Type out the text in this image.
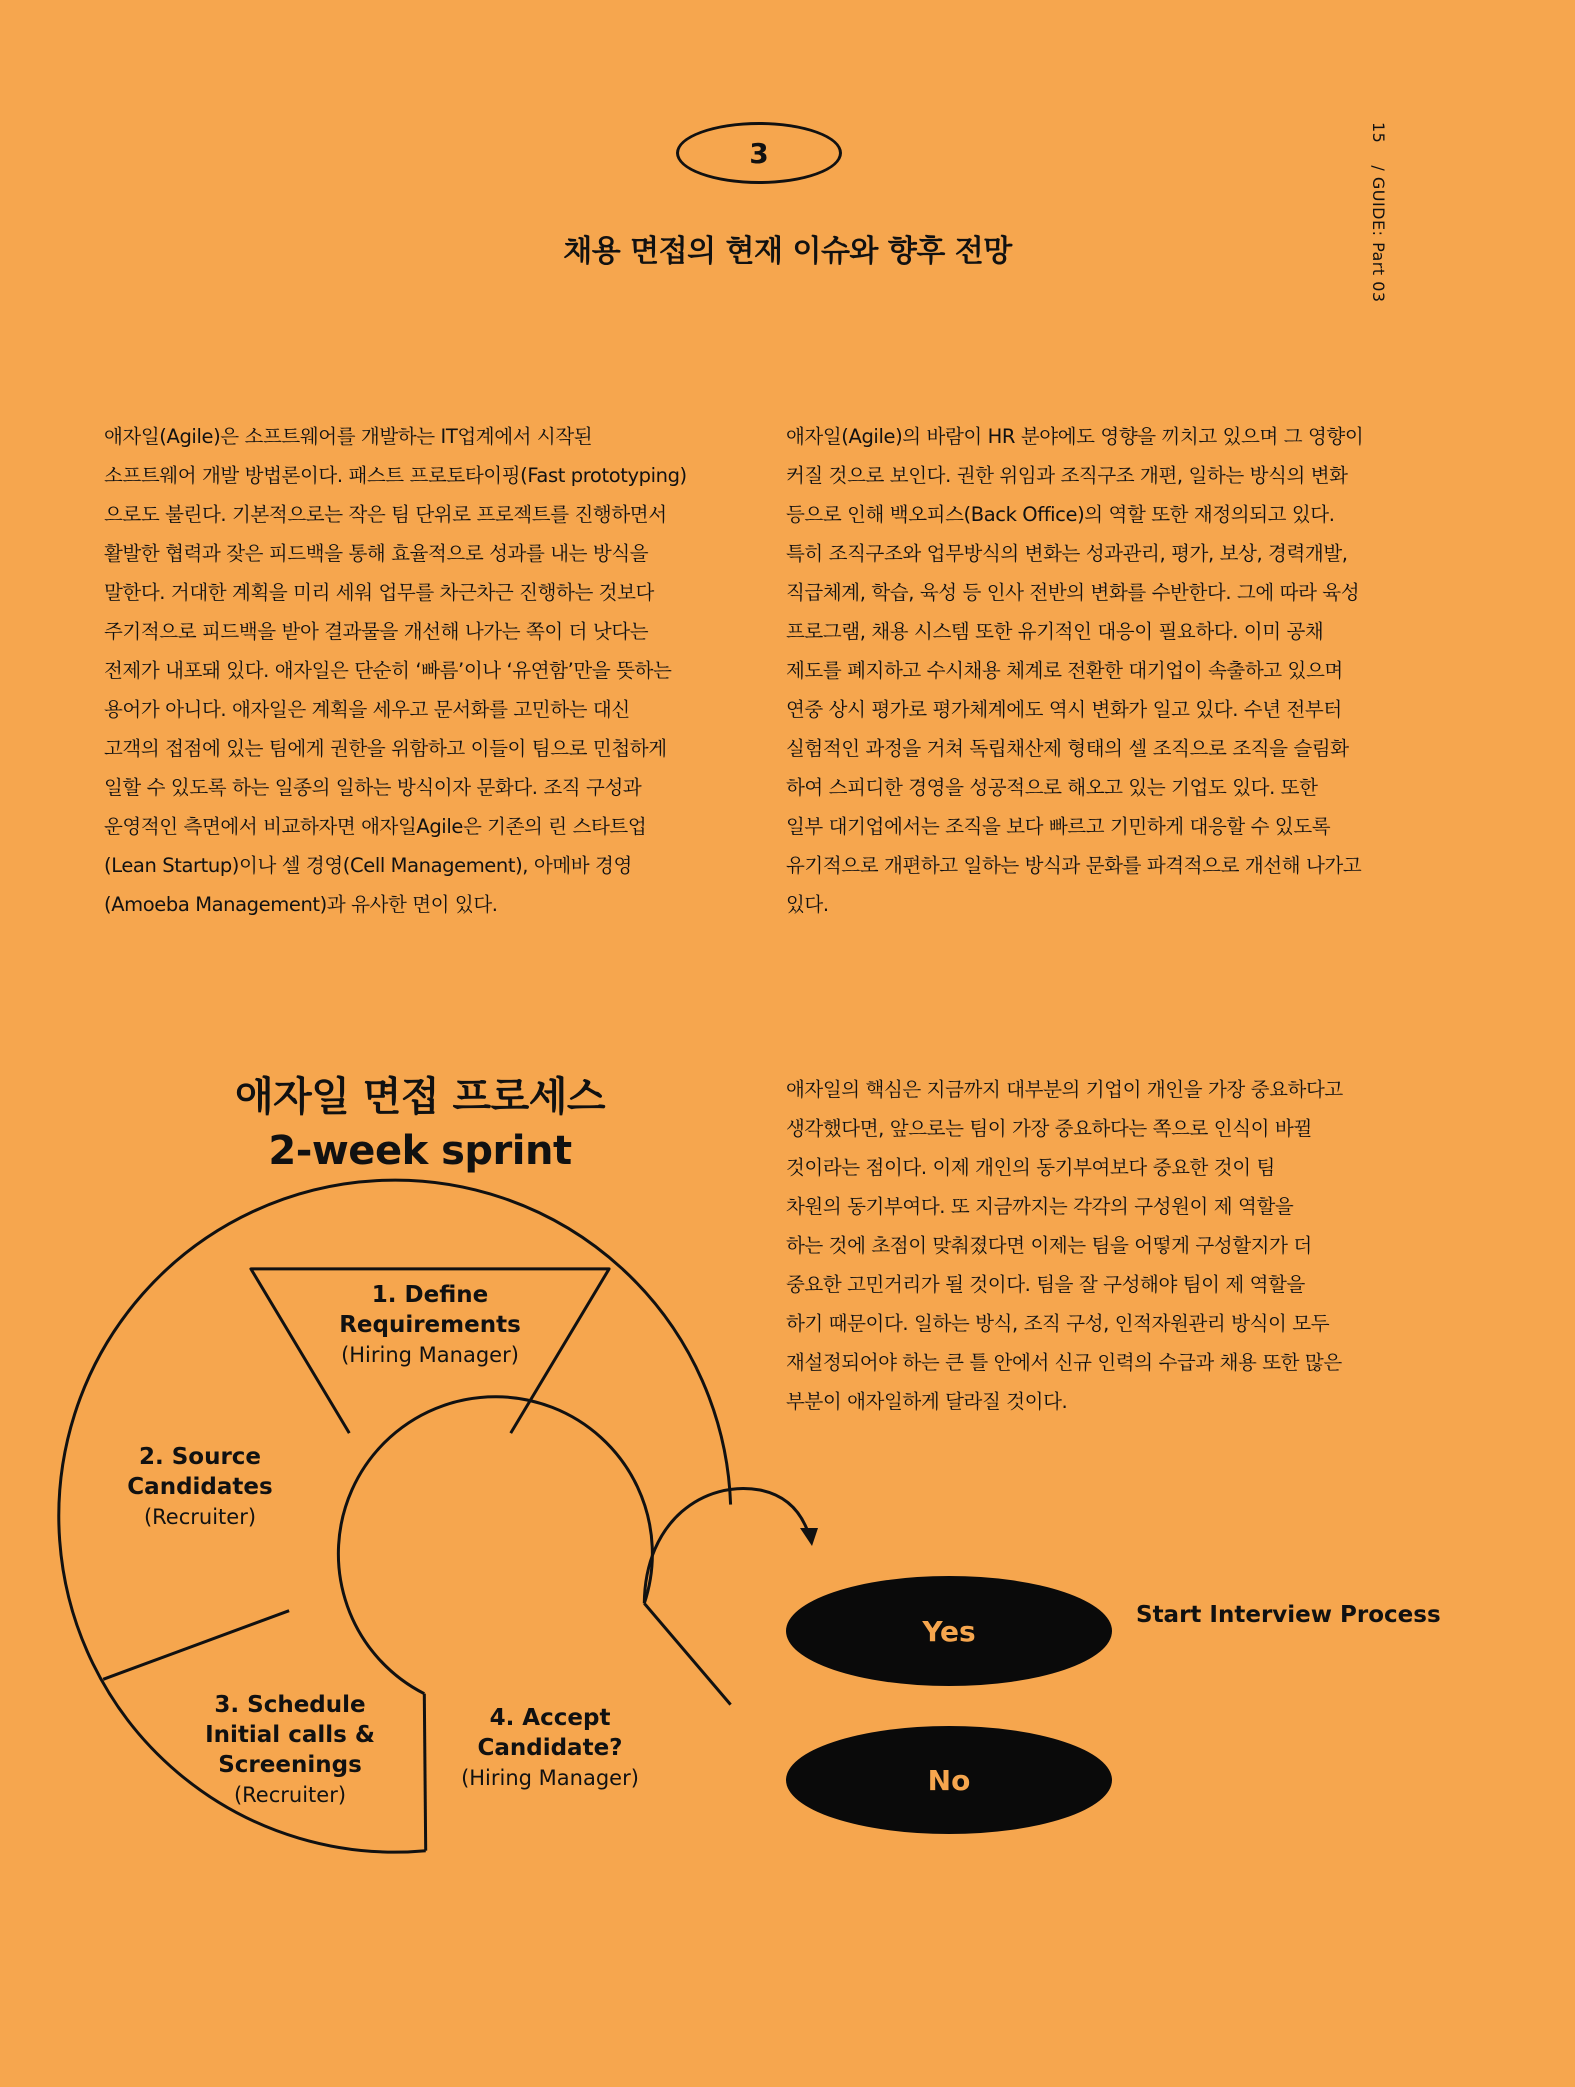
3
채용 면접의 현재 이슈와 향후 전망
15/ GUIDE: Part 03
애자일(Agile)은 소프트웨어를 개발하는 IT업계에서 시작된
소프트웨어 개발 방법론이다. 패스트 프로토타이핑(Fast prototyping)
으로도 불린다. 기본적으로는 작은 팀 단위로 프로젝트를 진행하면서
활발한 협력과 잦은 피드백을 통해 효율적으로 성과를 내는 방식을
말한다. 거대한 계획을 미리 세워 업무를 차근차근 진행하는 것보다
주기적으로 피드백을 받아 결과물을 개선해 나가는 쪽이 더 낫다는
전제가 내포돼 있다. 애자일은 단순히 ‘빠름’이나 ‘유연함’만을 뜻하는
용어가 아니다. 애자일은 계획을 세우고 문서화를 고민하는 대신
고객의 접점에 있는 팀에게 권한을 위함하고 이들이 팀으로 민첩하게
일할 수 있도록 하는 일종의 일하는 방식이자 문화다. 조직 구성과
운영적인 측면에서 비교하자면 애자일Agile은 기존의 린 스타트업
(Lean Startup)이나 셀 경영(Cell Management), 아메바 경영
(Amoeba Management)과 유사한 면이 있다.
애자일(Agile)의 바람이 HR 분야에도 영향을 끼치고 있으며 그 영향이
커질 것으로 보인다. 권한 위임과 조직구조 개편, 일하는 방식의 변화
등으로 인해 백오피스(Back Office)의 역할 또한 재정의되고 있다.
특히 조직구조와 업무방식의 변화는 성과관리, 평가, 보상, 경력개발,
직급체계, 학습, 육성 등 인사 전반의 변화를 수반한다. 그에 따라 육성
프로그램, 채용 시스템 또한 유기적인 대응이 필요하다. 이미 공채
제도를 폐지하고 수시채용 체계로 전환한 대기업이 속출하고 있으며
연중 상시 평가로 평가체계에도 역시 변화가 일고 있다. 수년 전부터
실험적인 과정을 거쳐 독립채산제 형태의 셀 조직으로 조직을 슬림화
하여 스피디한 경영을 성공적으로 해오고 있는 기업도 있다. 또한
일부 대기업에서는 조직을 보다 빠르고 기민하게 대응할 수 있도록
유기적으로 개편하고 일하는 방식과 문화를 파격적으로 개선해 나가고
있다.
애자일의 핵심은 지금까지 대부분의 기업이 개인을 가장 중요하다고
생각했다면, 앞으로는 팀이 가장 중요하다는 쪽으로 인식이 바뀔
것이라는 점이다. 이제 개인의 동기부여보다 중요한 것이 팀
차원의 동기부여다. 또 지금까지는 각각의 구성원이 제 역할을
하는 것에 초점이 맞춰졌다면 이제는 팀을 어떻게 구성할지가 더
중요한 고민거리가 될 것이다. 팀을 잘 구성해야 팀이 제 역할을
하기 때문이다. 일하는 방식, 조직 구성, 인적자원관리 방식이 모두
재설정되어야 하는 큰 틀 안에서 신규 인력의 수급과 채용 또한 많은
부분이 애자일하게 달라질 것이다.
애자일 면접 프로세스
2-week sprint
1. Define
Requirements
(Hiring Manager)
2. Source
Candidates
(Recruiter)
3. Schedule
Initial calls &
Screenings
(Recruiter)
4. Accept
Candidate?
(Hiring Manager)
Yes
No
Start Interview Process
